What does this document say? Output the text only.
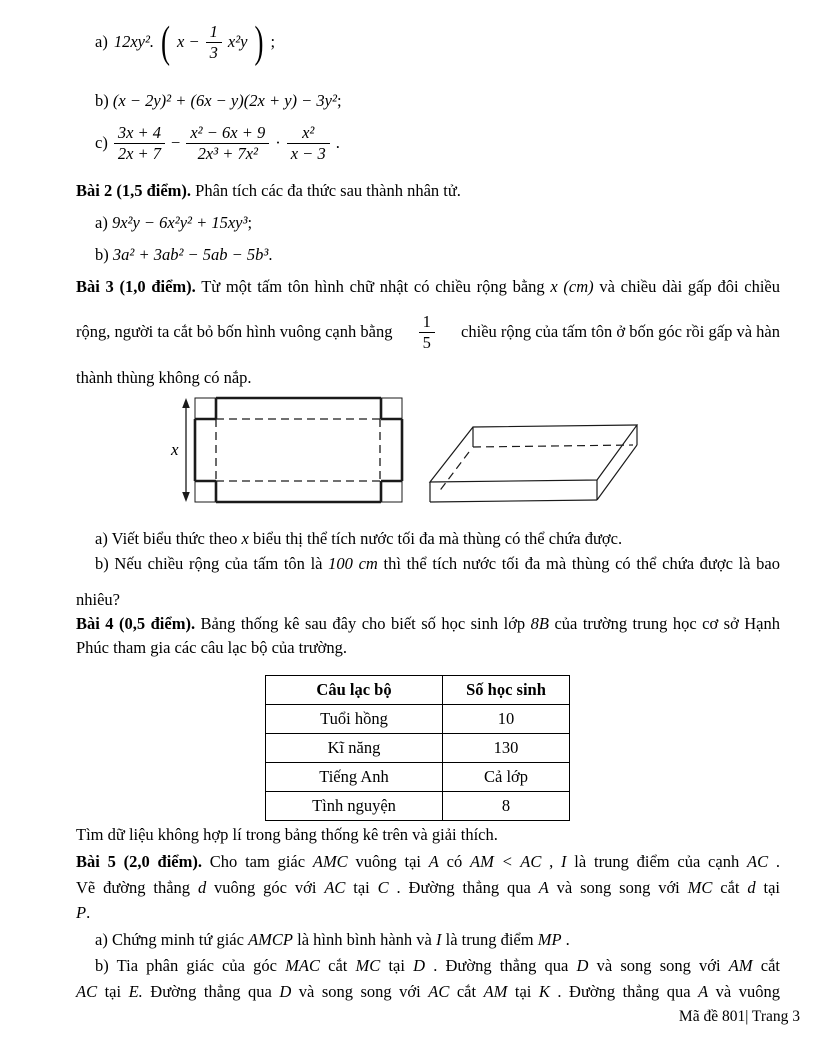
a) 12xy². ( $x - \frac{1}{3} x^2y$ ) ;
b) (x − 2y)² + (6x − y)(2x + y) − 3y²;
$c) \frac{3x + 4}{2x + 7} - \frac{\text{x² − 6x + 9}}{\text{2x³ + 7x²}} \cdot \frac{\text{x²}}{x - 3}$ .
Bài 2 (1,5 điểm). Phân tích các đa thức sau thành nhân tử.
a) 9x²y − 6x²y² + 15xy³;
b) 3a² + 3ab² − 5ab − 5b³.
Bài 3 (1,0 điểm). Từ một tấm tôn hình chữ nhật có chiều rộng bằng x (cm) và chiều dài gấp đôi chiều
rộng, người ta cắt bỏ bốn hình vuông cạnh bằng $\frac{1}{5}$ chiều rộng của tấm tôn ở bốn góc rồi gấp và hàn
thành thùng không có nắp.
x
a) Viết biểu thức theo x biểu thị thể tích nước tối đa mà thùng có thể chứa được.
b) Nếu chiều rộng của tấm tôn là 100 cm thì thể tích nước tối đa mà thùng có thể chứa được là bao
nhiêu?
Bài 4 (0,5 điểm). Bảng thống kê sau đây cho biết số học sinh lớp 8B của trường trung học cơ sở Hạnh
Phúc tham gia các câu lạc bộ của trường.
Câu lạc bộ	Số học sinh
Tuổi hồng	10
Kĩ năng	130
Tiếng Anh	Cả lớp
Tình nguyện	8
Tìm dữ liệu không hợp lí trong bảng thống kê trên và giải thích.
Bài 5 (2,0 điểm). Cho tam giác AMC vuông tại A có AM < AC , I là trung điểm của cạnh AC .
Vẽ đường thẳng d vuông góc với AC tại C . Đường thẳng qua A và song song với MC cắt d tại
P.
a) Chứng minh tứ giác AMCP là hình bình hành và I là trung điểm MP .
b) Tia phân giác của góc MAC cắt MC tại D . Đường thẳng qua D và song song với AM cắt
AC tại E. Đường thẳng qua D và song song với AC cắt AM tại K . Đường thẳng qua A và vuông
Mã đề 801| Trang 3
